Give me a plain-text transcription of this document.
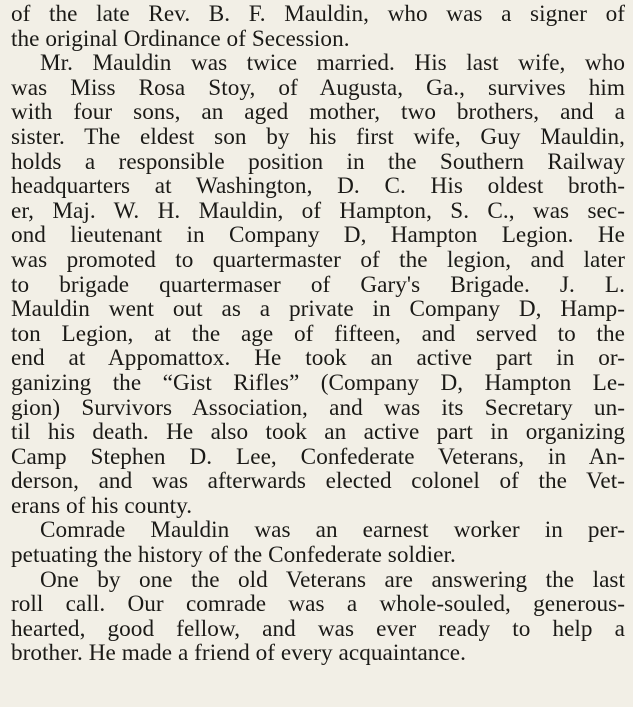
of the late Rev. B. F. Mauldin, who was a signer of
the original Ordinance of Secession.
Mr. Mauldin was twice married. His last wife, who
was Miss Rosa Stoy, of Augusta, Ga., survives him
with four sons, an aged mother, two brothers, and a
sister. The eldest son by his first wife, Guy Mauldin,
holds a responsible position in the Southern Railway
headquarters at Washington, D. C. His oldest broth-
er, Maj. W. H. Mauldin, of Hampton, S. C., was sec-
ond lieutenant in Company D, Hampton Legion. He
was promoted to quartermaster of the legion, and later
to brigade quartermaser of Gary's Brigade. J. L.
Mauldin went out as a private in Company D, Hamp-
ton Legion, at the age of fifteen, and served to the
end at Appomattox. He took an active part in or-
ganizing the “Gist Rifles” (Company D, Hampton Le-
gion) Survivors Association, and was its Secretary un-
til his death. He also took an active part in organizing
Camp Stephen D. Lee, Confederate Veterans, in An-
derson, and was afterwards elected colonel of the Vet-
erans of his county.
Comrade Mauldin was an earnest worker in per-
petuating the history of the Confederate soldier.
One by one the old Veterans are answering the last
roll call. Our comrade was a whole-souled, generous-
hearted, good fellow, and was ever ready to help a
brother. He made a friend of every acquaintance.
